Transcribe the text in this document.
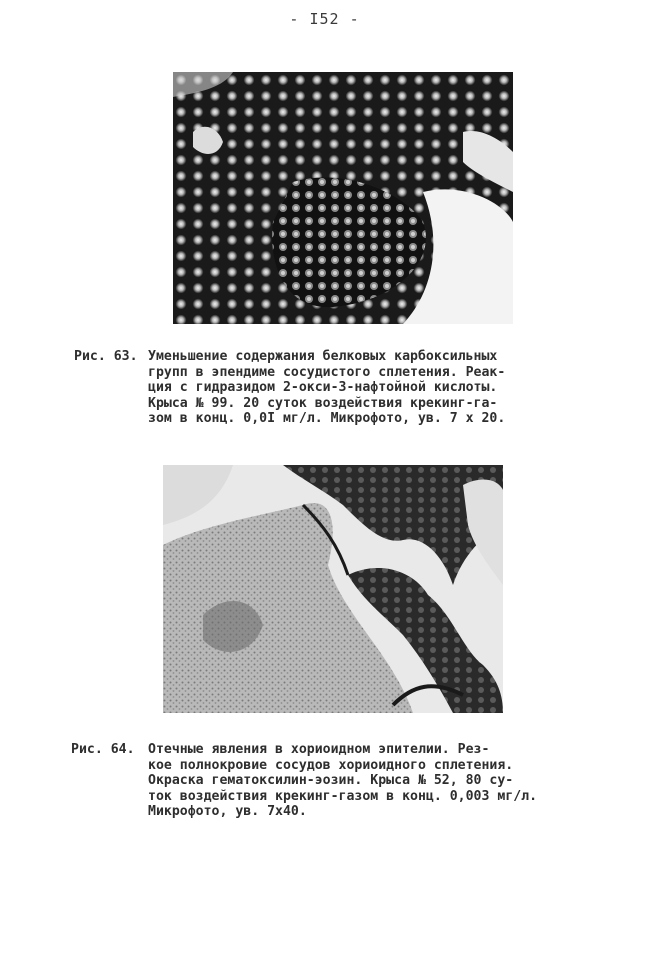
- I52 -
Рис. 63. Уменьшение содержания белковых карбоксильных
групп в эпендиме сосудистого сплетения. Реак-
ция с гидразидом 2-окси-3-нафтойной кислоты.
Крыса № 99. 20 суток воздействия крекинг-га-
зом в конц. 0,0I мг/л. Микрофото, ув. 7 х 20.
Рис. 64. Отечные явления в хориоидном эпителии. Рез-
кое полнокровие сосудов хориоидного сплетения.
Окраска гематоксилин-эозин. Крыса № 52, 80 су-
ток воздействия крекинг-газом в конц. 0,003 мг/л.
Микрофото, ув. 7х40.
